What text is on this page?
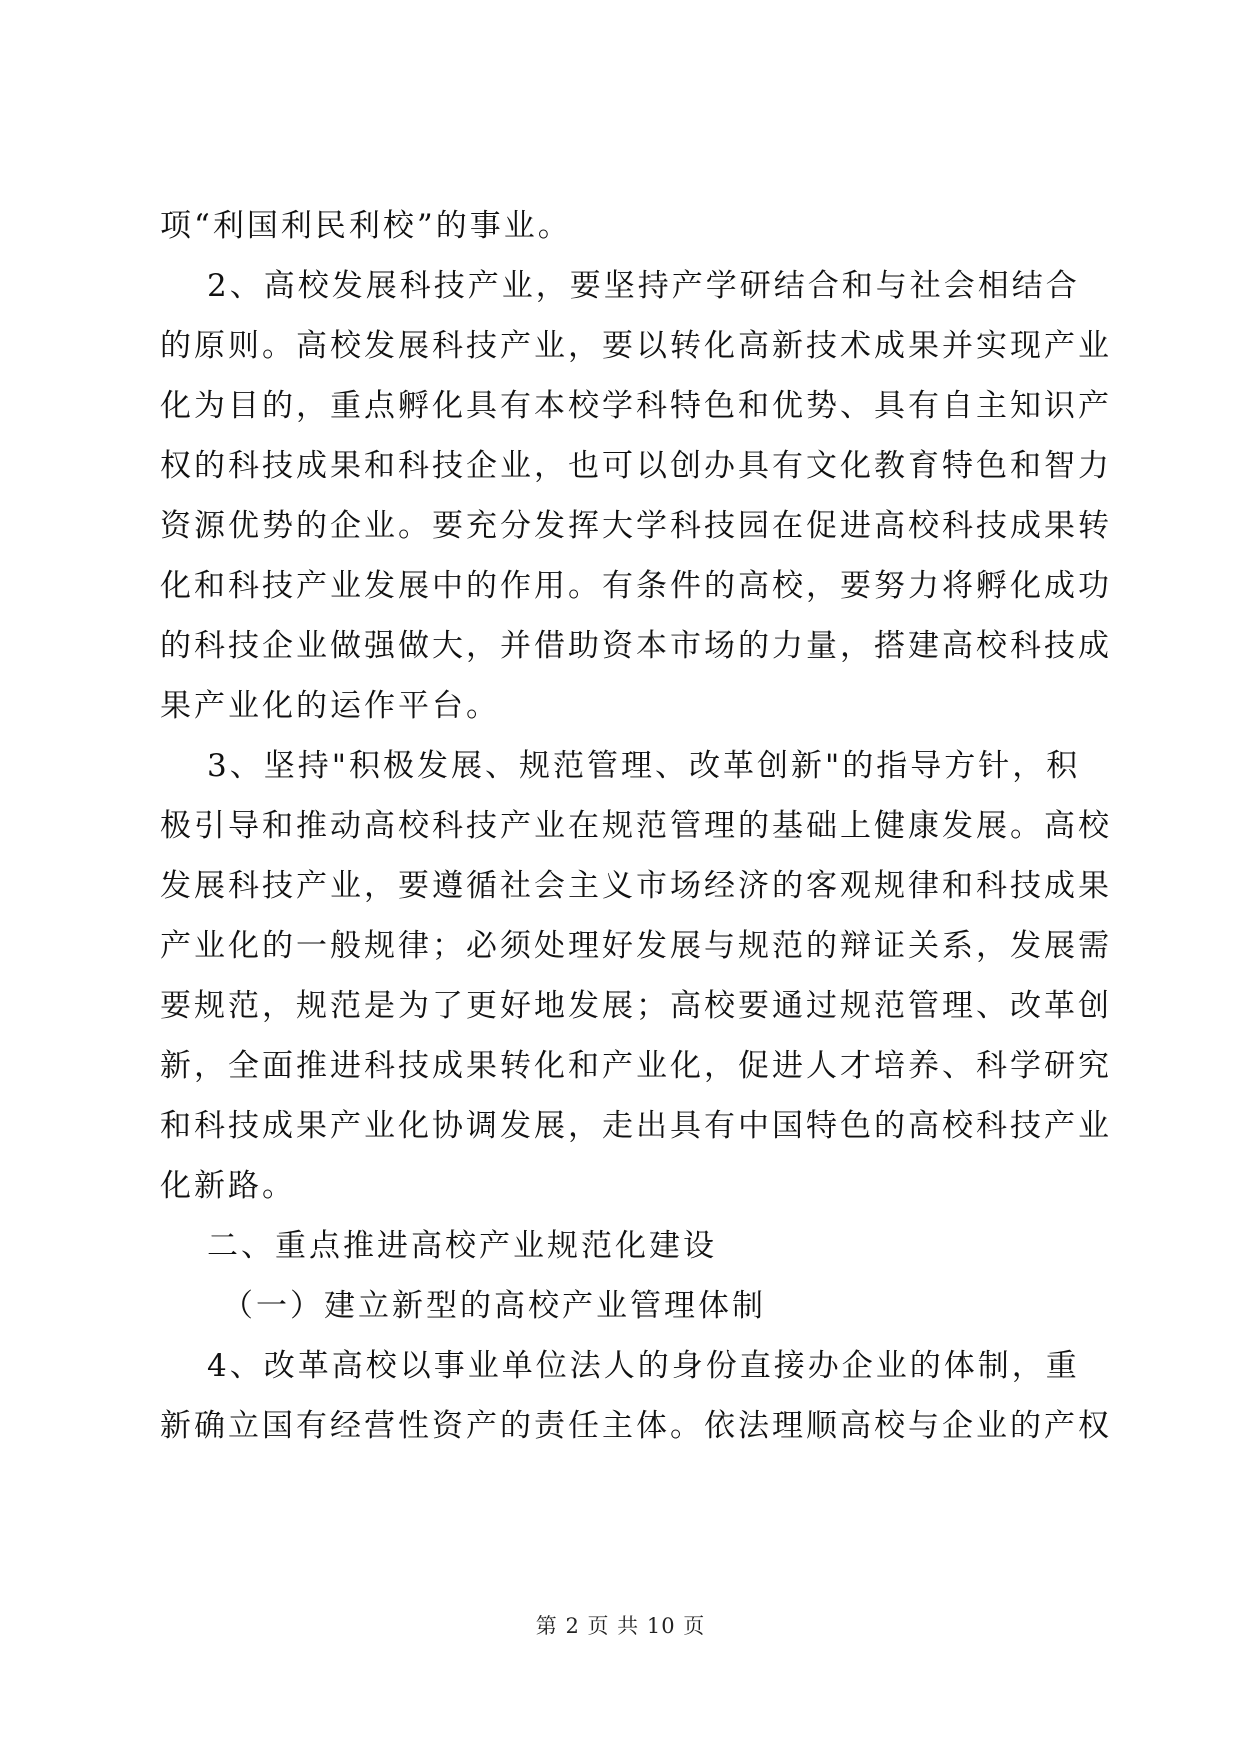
项“利国利民利校”的事业。
2、高校发展科技产业，要坚持产学研结合和与社会相结合
的原则。高校发展科技产业，要以转化高新技术成果并实现产业
化为目的，重点孵化具有本校学科特色和优势、具有自主知识产
权的科技成果和科技企业，也可以创办具有文化教育特色和智力
资源优势的企业。要充分发挥大学科技园在促进高校科技成果转
化和科技产业发展中的作用。有条件的高校，要努力将孵化成功
的科技企业做强做大，并借助资本市场的力量，搭建高校科技成
果产业化的运作平台。
3、坚持"积极发展、规范管理、改革创新"的指导方针，积
极引导和推动高校科技产业在规范管理的基础上健康发展。高校
发展科技产业，要遵循社会主义市场经济的客观规律和科技成果
产业化的一般规律；必须处理好发展与规范的辩证关系，发展需
要规范，规范是为了更好地发展；高校要通过规范管理、改革创
新，全面推进科技成果转化和产业化，促进人才培养、科学研究
和科技成果产业化协调发展，走出具有中国特色的高校科技产业
化新路。
二、重点推进高校产业规范化建设
（一）建立新型的高校产业管理体制
4、改革高校以事业单位法人的身份直接办企业的体制，重
新确立国有经营性资产的责任主体。依法理顺高校与企业的产权
第 2 页 共 10 页
